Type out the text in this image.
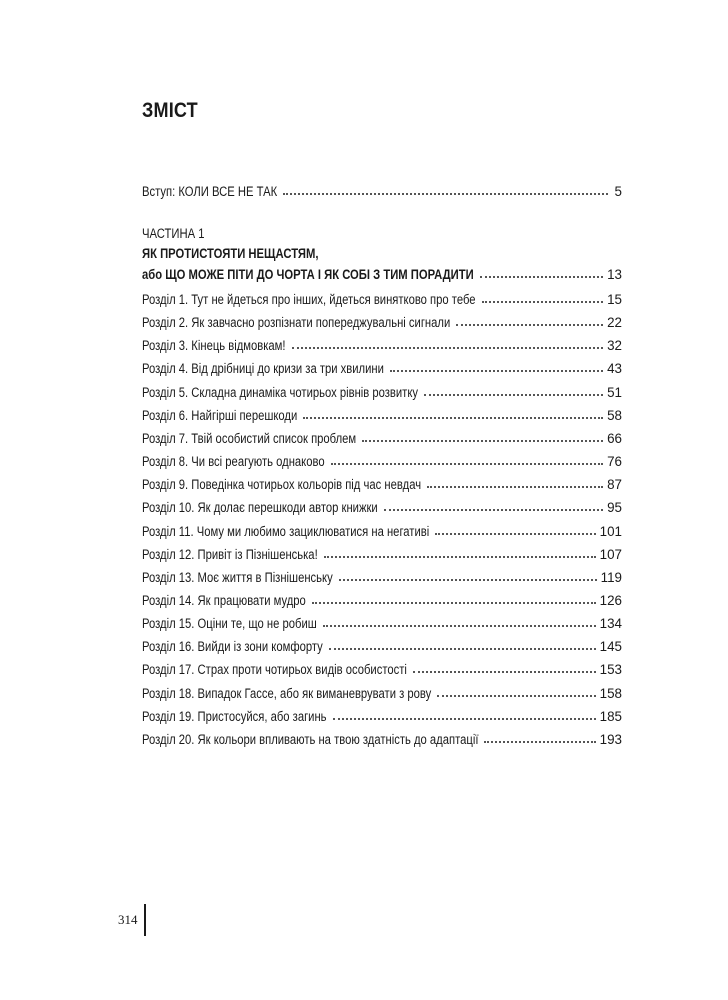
ЗМІСТ
Вступ: КОЛИ ВСЕ НЕ ТАК	5
ЧАСТИНА 1
ЯК ПРОТИСТОЯТИ НЕЩАСТЯМ,
або ЩО МОЖЕ ПІТИ ДО ЧОРТА І ЯК СОБІ З ТИМ ПОРАДИТИ	13
Розділ 1. Тут не йдеться про інших, йдеться винятково про тебе	15
Розділ 2. Як завчасно розпізнати попереджувальні сигнали	22
Розділ 3. Кінець відмовкам!	32
Розділ 4. Від дрібниці до кризи за три хвилини	43
Розділ 5. Складна динаміка чотирьох рівнів розвитку	51
Розділ 6. Найгірші перешкоди	58
Розділ 7. Твій особистий список проблем	66
Розділ 8. Чи всі реагують однаково	76
Розділ 9. Поведінка чотирьох кольорів під час невдач	87
Розділ 10. Як долає перешкоди автор книжки	95
Розділ 11. Чому ми любимо зациклюватися на негативі	101
Розділ 12. Привіт із Пізнішенська!	107
Розділ 13. Моє життя в Пізнішенську	119
Розділ 14. Як працювати мудро	126
Розділ 15. Оціни те, що не робиш	134
Розділ 16. Вийди із зони комфорту	145
Розділ 17. Страх проти чотирьох видів особистості	153
Розділ 18. Випадок Гассе, або як виманеврувати з рову	158
Розділ 19. Пристосуйся, або загинь	185
Розділ 20. Як кольори впливають на твою здатність до адаптації	193
314
